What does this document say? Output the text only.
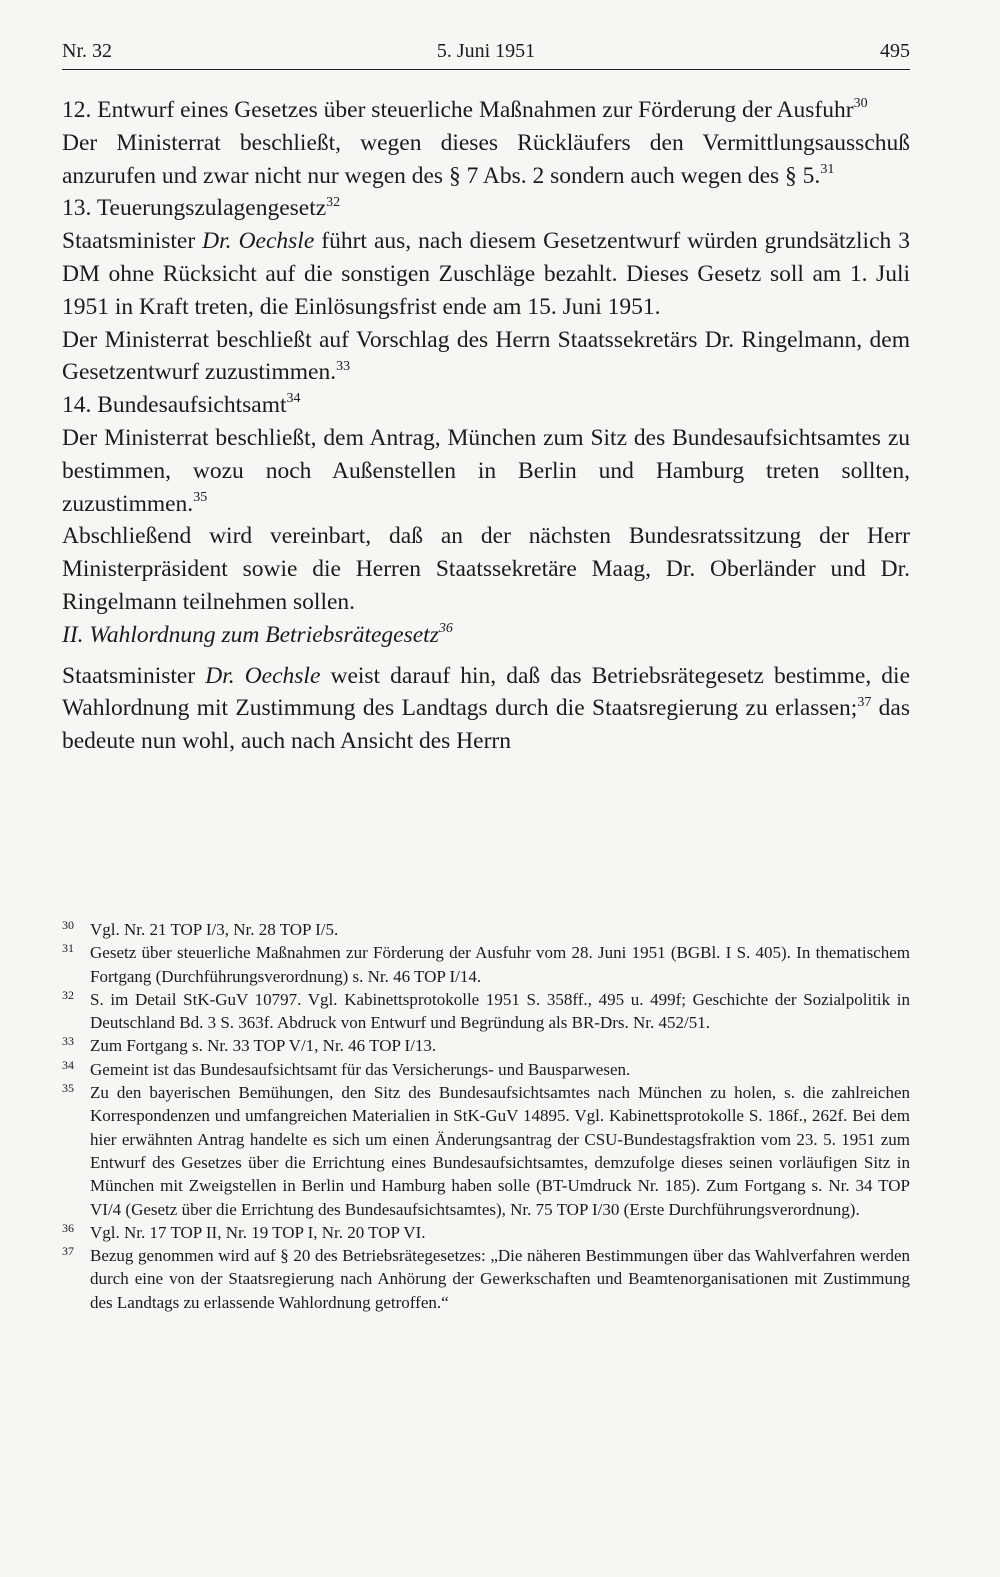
Nr. 32	5. Juni 1951	495

12. Entwurf eines Gesetzes über steuerliche Maßnahmen zur Förderung der Ausfuhr$^{30}$

Der Ministerrat beschließt, wegen dieses Rückläufers den Vermittlungsausschuß anzurufen und zwar nicht nur wegen des § 7 Abs. 2 sondern auch wegen des § 5.31

13. Teuerungszulagengesetz$^{32}$

Staatsminister Dr. Oechsle führt aus, nach diesem Gesetzentwurf würden grundsätzlich 3 DM ohne Rücksicht auf die sonstigen Zuschläge bezahlt. Dieses Gesetz soll am 1. Juli 1951 in Kraft treten, die Einlösungsfrist ende am 15. Juni 1951.

Der Ministerrat beschließt auf Vorschlag des Herrn Staatssekretärs Dr. Ringelmann, dem Gesetzentwurf zuzustimmen.$^{33}$

14. Bundesaufsichtsamt$^{34}$

Der Ministerrat beschließt, dem Antrag, München zum Sitz des Bundesaufsichtsamtes zu bestimmen, wozu noch Außenstellen in Berlin und Hamburg treten sollten, zuzustimmen.$^{35}$

Abschließend wird vereinbart, daß an der nächsten Bundesratssitzung der Herr Ministerpräsident sowie die Herren Staatssekretäre Maag, Dr. Oberländer und Dr. Ringelmann teilnehmen sollen.

II. Wahlordnung zum Betriebsrätegesetz$^{36}$

Staatsminister Dr. Oechsle weist darauf hin, daß das Betriebsrätegesetz bestimme, die Wahlordnung mit Zustimmung des Landtags durch die Staatsregierung zu erlassen;$^{37}$ das bedeute nun wohl, auch nach Ansicht des Herrn

30 Vgl. Nr. 21 TOP I/3, Nr. 28 TOP I/5.
31 Gesetz über steuerliche Maßnahmen zur Förderung der Ausfuhr vom 28. Juni 1951 (BGBl. I S. 405). In thematischem Fortgang (Durchführungsverordnung) s. Nr. 46 TOP I/14.
32 S. im Detail StK-GuV 10797. Vgl. Kabinettsprotokolle 1951 S. 358ff., 495 u. 499f; Geschichte der Sozialpolitik in Deutschland Bd. 3 S. 363f. Abdruck von Entwurf und Begründung als BR-Drs. Nr. 452/51.
33 Zum Fortgang s. Nr. 33 TOP V/1, Nr. 46 TOP I/13.
34 Gemeint ist das Bundesaufsichtsamt für das Versicherungs- und Bausparwesen.
35 Zu den bayerischen Bemühungen, den Sitz des Bundesaufsichtsamtes nach München zu holen, s. die zahlreichen Korrespondenzen und umfangreichen Materialien in StK-GuV 14895. Vgl. Kabinettsprotokolle S. 186f., 262f. Bei dem hier erwähnten Antrag handelte es sich um einen Änderungsantrag der CSU-Bundestagsfraktion vom 23. 5. 1951 zum Entwurf des Gesetzes über die Errichtung eines Bundesaufsichtsamtes, demzufolge dieses seinen vorläufigen Sitz in München mit Zweigstellen in Berlin und Hamburg haben solle (BT-Umdruck Nr. 185). Zum Fortgang s. Nr. 34 TOP VI/4 (Gesetz über die Errichtung des Bundesaufsichtsamtes), Nr. 75 TOP I/30 (Erste Durchführungsverordnung).
36 Vgl. Nr. 17 TOP II, Nr. 19 TOP I, Nr. 20 TOP VI.
37 Bezug genommen wird auf § 20 des Betriebsrätegesetzes: „Die näheren Bestimmungen über das Wahlverfahren werden durch eine von der Staatsregierung nach Anhörung der Gewerkschaften und Beamtenorganisationen mit Zustimmung des Landtags zu erlassende Wahlordnung getroffen.“
